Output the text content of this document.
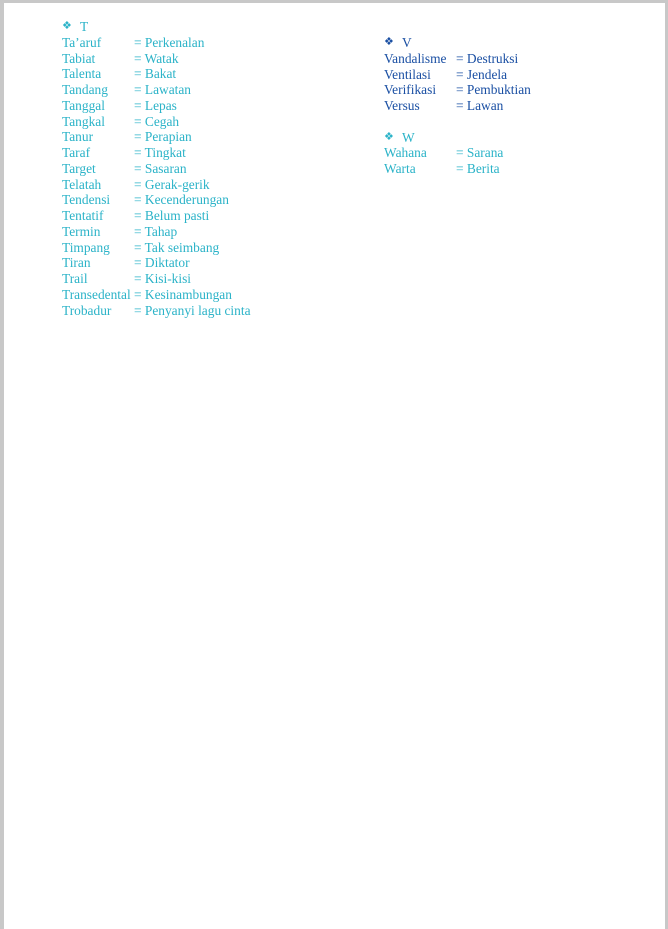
❖ T
Ta’aruf	= Perkenalan
Tabiat	= Watak
Talenta	= Bakat
Tandang	= Lawatan
Tanggal	= Lepas
Tangkal	= Cegah
Tanur	= Perapian
Taraf	= Tingkat
Target	= Sasaran
Telatah	= Gerak-gerik
Tendensi	= Kecenderungan
Tentatif	= Belum pasti
Termin	= Tahap
Timpang	= Tak seimbang
Tiran	= Diktator
Trail	= Kisi-kisi
Transedental = Kesinambungan
Trobadur	= Penyanyi lagu cinta
❖ V
Vandalisme = Destruksi
Ventilasi	= Jendela
Verifikasi	= Pembuktian
Versus	= Lawan
❖ W
Wahana	= Sarana
Warta	= Berita
